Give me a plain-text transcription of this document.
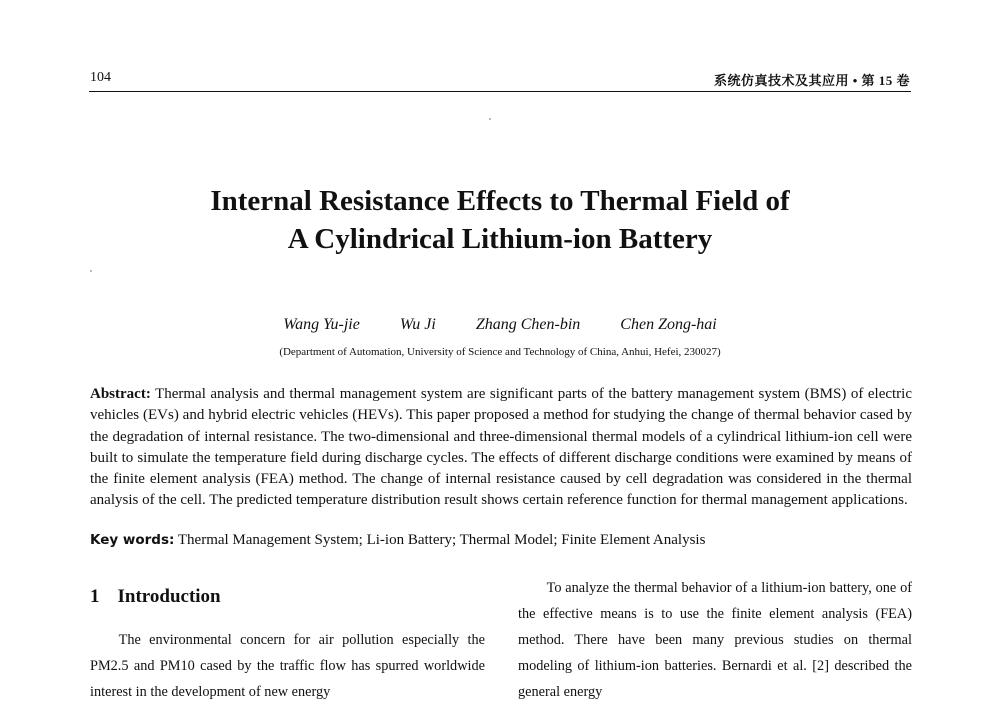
104	系统仿真技术及其应用 • 第 15 卷
Internal Resistance Effects to Thermal Field of
A Cylindrical Lithium-ion Battery
Wang Yu-jie	Wu Ji	Zhang Chen-bin	Chen Zong-hai
(Department of Automation, University of Science and Technology of China, Anhui, Hefei, 230027)
Abstract: Thermal analysis and thermal management system are significant parts of the battery management system (BMS) of electric vehicles (EVs) and hybrid electric vehicles (HEVs). This paper proposed a method for studying the change of thermal behavior cased by the degradation of internal resistance. The two-dimensional and three-dimensional thermal models of a cylindrical lithium-ion cell were built to simulate the temperature field during discharge cycles. The effects of different discharge conditions were examined by means of the finite element analysis (FEA) method. The change of internal resistance caused by cell degradation was considered in the thermal analysis of the cell. The predicted temperature distribution result shows certain reference function for thermal management applications.
Key words: Thermal Management System; Li-ion Battery; Thermal Model; Finite Element Analysis
1 Introduction
The environmental concern for air pollution especially the PM2.5 and PM10 cased by the traffic flow has spurred worldwide interest in the development of new energy
To analyze the thermal behavior of a lithium-ion battery, one of the effective means is to use the finite element analysis (FEA) method. There have been many previous studies on thermal modeling of lithium-ion batteries. Bernardi et al. [2] described the general energy
